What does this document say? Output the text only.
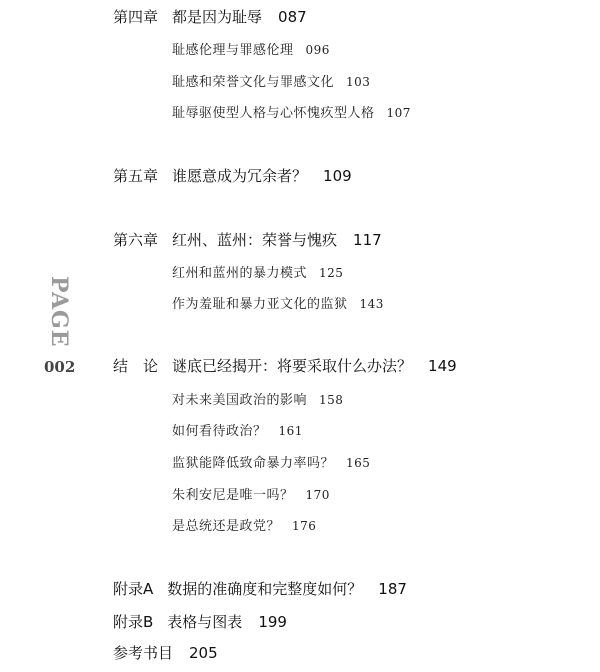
PAGE
002
第四章 都是因为耻辱 087
耻感伦理与罪感伦理 096
耻感和荣誉文化与罪感文化 103
耻辱驱使型人格与心怀愧疚型人格 107
第五章 谁愿意成为冗余者？ 109
第六章 红州、蓝州：荣誉与愧疚 117
红州和蓝州的暴力模式 125
作为羞耻和暴力亚文化的监狱 143
结　论 谜底已经揭开：将要采取什么办法？ 149
对未来美国政治的影响 158
如何看待政治？ 161
监狱能降低致命暴力率吗？ 165
朱利安尼是唯一吗？ 170
是总统还是政党？ 176
附录A 数据的准确度和完整度如何？ 187
附录B 表格与图表 199
参考书目 205
